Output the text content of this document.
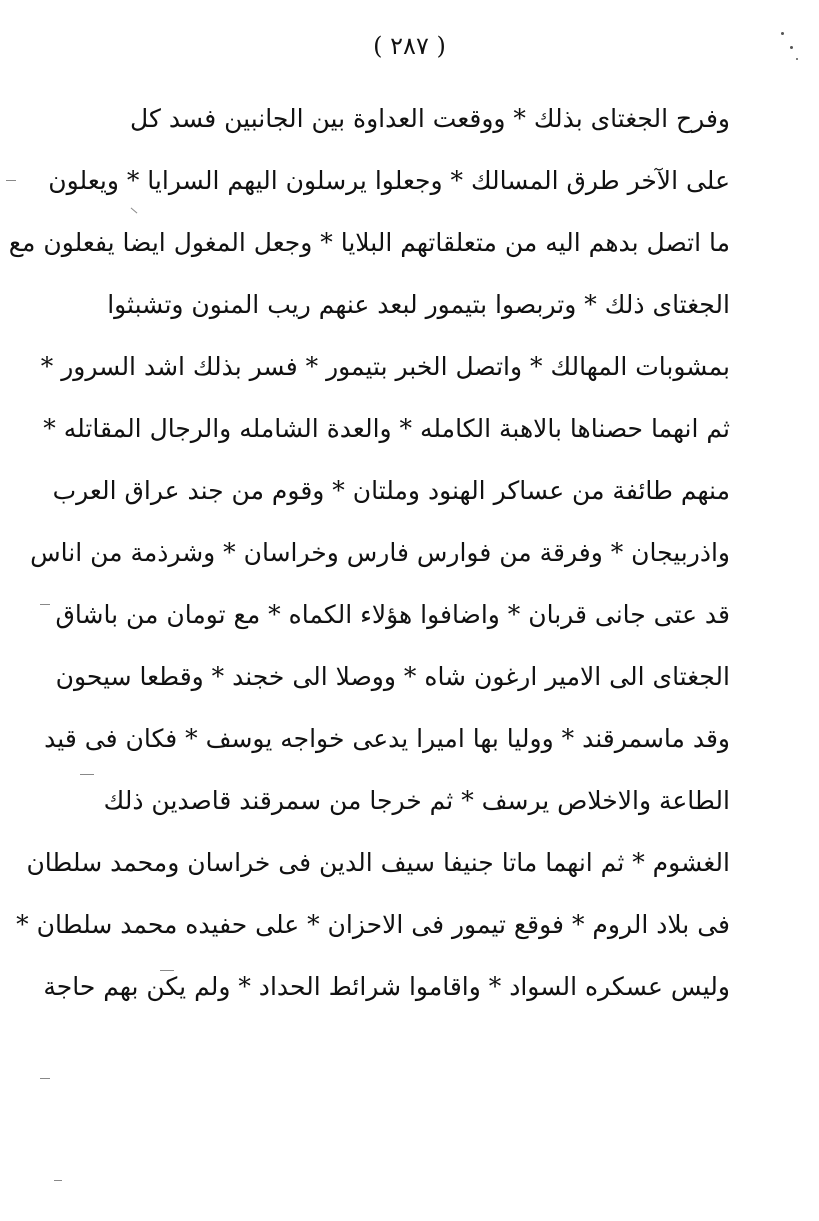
( ٢٨٧ )
وفرح الجغتاى بذلك * ووقعت العداوة بين الجانبين فسد كل
على الآخر طرق المسالك * وجعلوا يرسلون اليهم السرايا * ويعلون
ما اتصل بدهم اليه من متعلقاتهم البلايا * وجعل المغول ايضا يفعلون مع
الجغتاى ذلك * وتربصوا بتيمور لبعد عنهم ريب المنون وتشبثوا
بمشوبات المهالك * واتصل الخبر بتيمور * فسر بذلك اشد السرور *
ثم انهما حصناها بالاهبة الكامله * والعدة الشامله والرجال المقاتله *
منهم طائفة من عساكر الهنود وملتان * وقوم من جند عراق العرب
واذربيجان * وفرقة من فوارس فارس وخراسان * وشرذمة من اناس
قد عتى جانى قربان * واضافوا هؤلاء الكماه * مع تومان من باشاق
الجغتاى الى الامير ارغون شاه * ووصلا الى خجند * وقطعا سيحون
وقد ماسمرقند * ووليا بها اميرا يدعى خواجه يوسف * فكان فى قيد
الطاعة والاخلاص يرسف * ثم خرجا من سمرقند قاصدين ذلك
الغشوم * ثم انهما ماتا جنيفا سيف الدين فى خراسان ومحمد سلطان
فى بلاد الروم * فوقع تيمور فى الاحزان * على حفيده محمد سلطان *
وليس عسكره السواد * واقاموا شرائط الحداد * ولم يكن بهم حاجة
